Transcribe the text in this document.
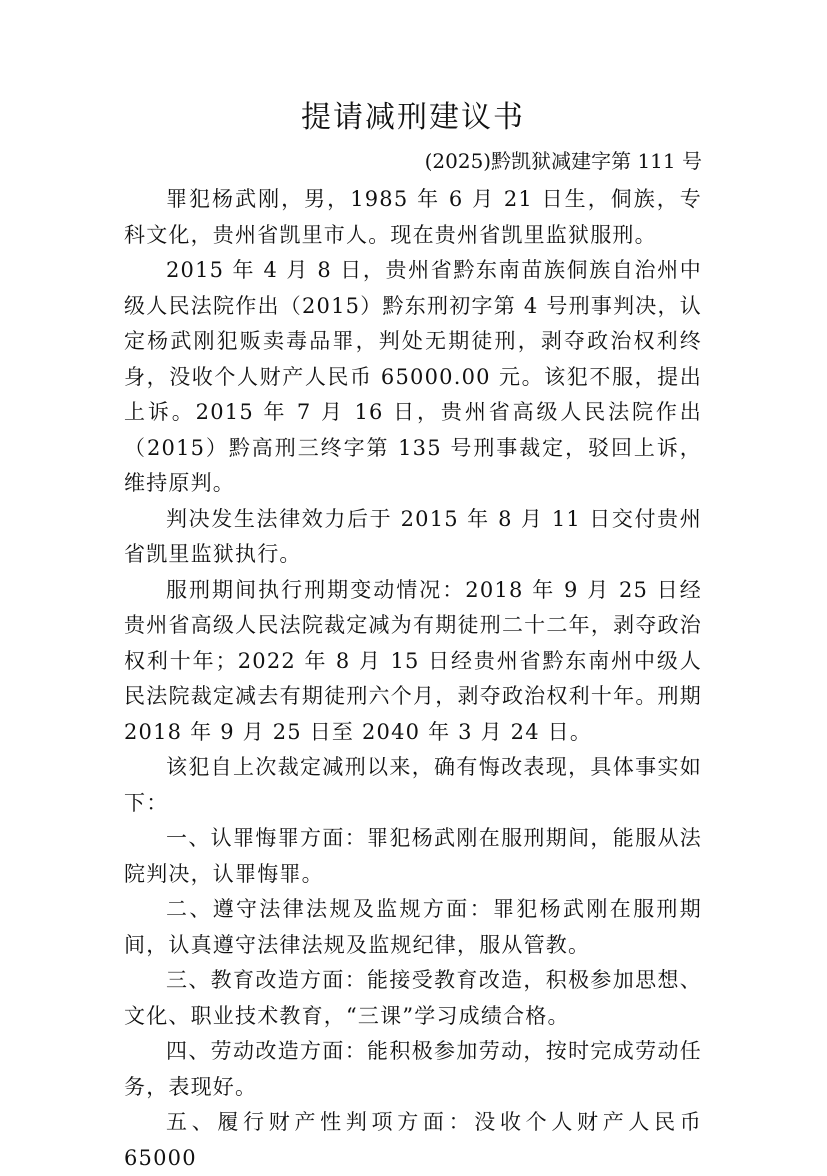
提请减刑建议书
(2025)黔凯狱减建字第 111 号

罪犯杨武刚，男，1985 年 6 月 21 日生，侗族，专科文化，贵州省凯里市人。现在贵州省凯里监狱服刑。

2015 年 4 月 8 日，贵州省黔东南苗族侗族自治州中级人民法院作出（2015）黔东刑初字第 4 号刑事判决，认定杨武刚犯贩卖毒品罪，判处无期徒刑，剥夺政治权利终身，没收个人财产人民币 65000.00 元。该犯不服，提出上诉。2015 年 7 月 16 日，贵州省高级人民法院作出（2015）黔高刑三终字第 135 号刑事裁定，驳回上诉，维持原判。

判决发生法律效力后于 2015 年 8 月 11 日交付贵州省凯里监狱执行。

服刑期间执行刑期变动情况：2018 年 9 月 25 日经贵州省高级人民法院裁定减为有期徒刑二十二年，剥夺政治权利十年；2022 年 8 月 15 日经贵州省黔东南州中级人民法院裁定减去有期徒刑六个月，剥夺政治权利十年。刑期 2018 年 9 月 25 日至 2040 年 3 月 24 日。

该犯自上次裁定减刑以来，确有悔改表现，具体事实如下：

一、认罪悔罪方面：罪犯杨武刚在服刑期间，能服从法院判决，认罪悔罪。

二、遵守法律法规及监规方面：罪犯杨武刚在服刑期间，认真遵守法律法规及监规纪律，服从管教。

三、教育改造方面：能接受教育改造，积极参加思想、文化、职业技术教育，“三课”学习成绩合格。

四、劳动改造方面：能积极参加劳动，按时完成劳动任务，表现好。

五、履行财产性判项方面：没收个人财产人民币 65000
